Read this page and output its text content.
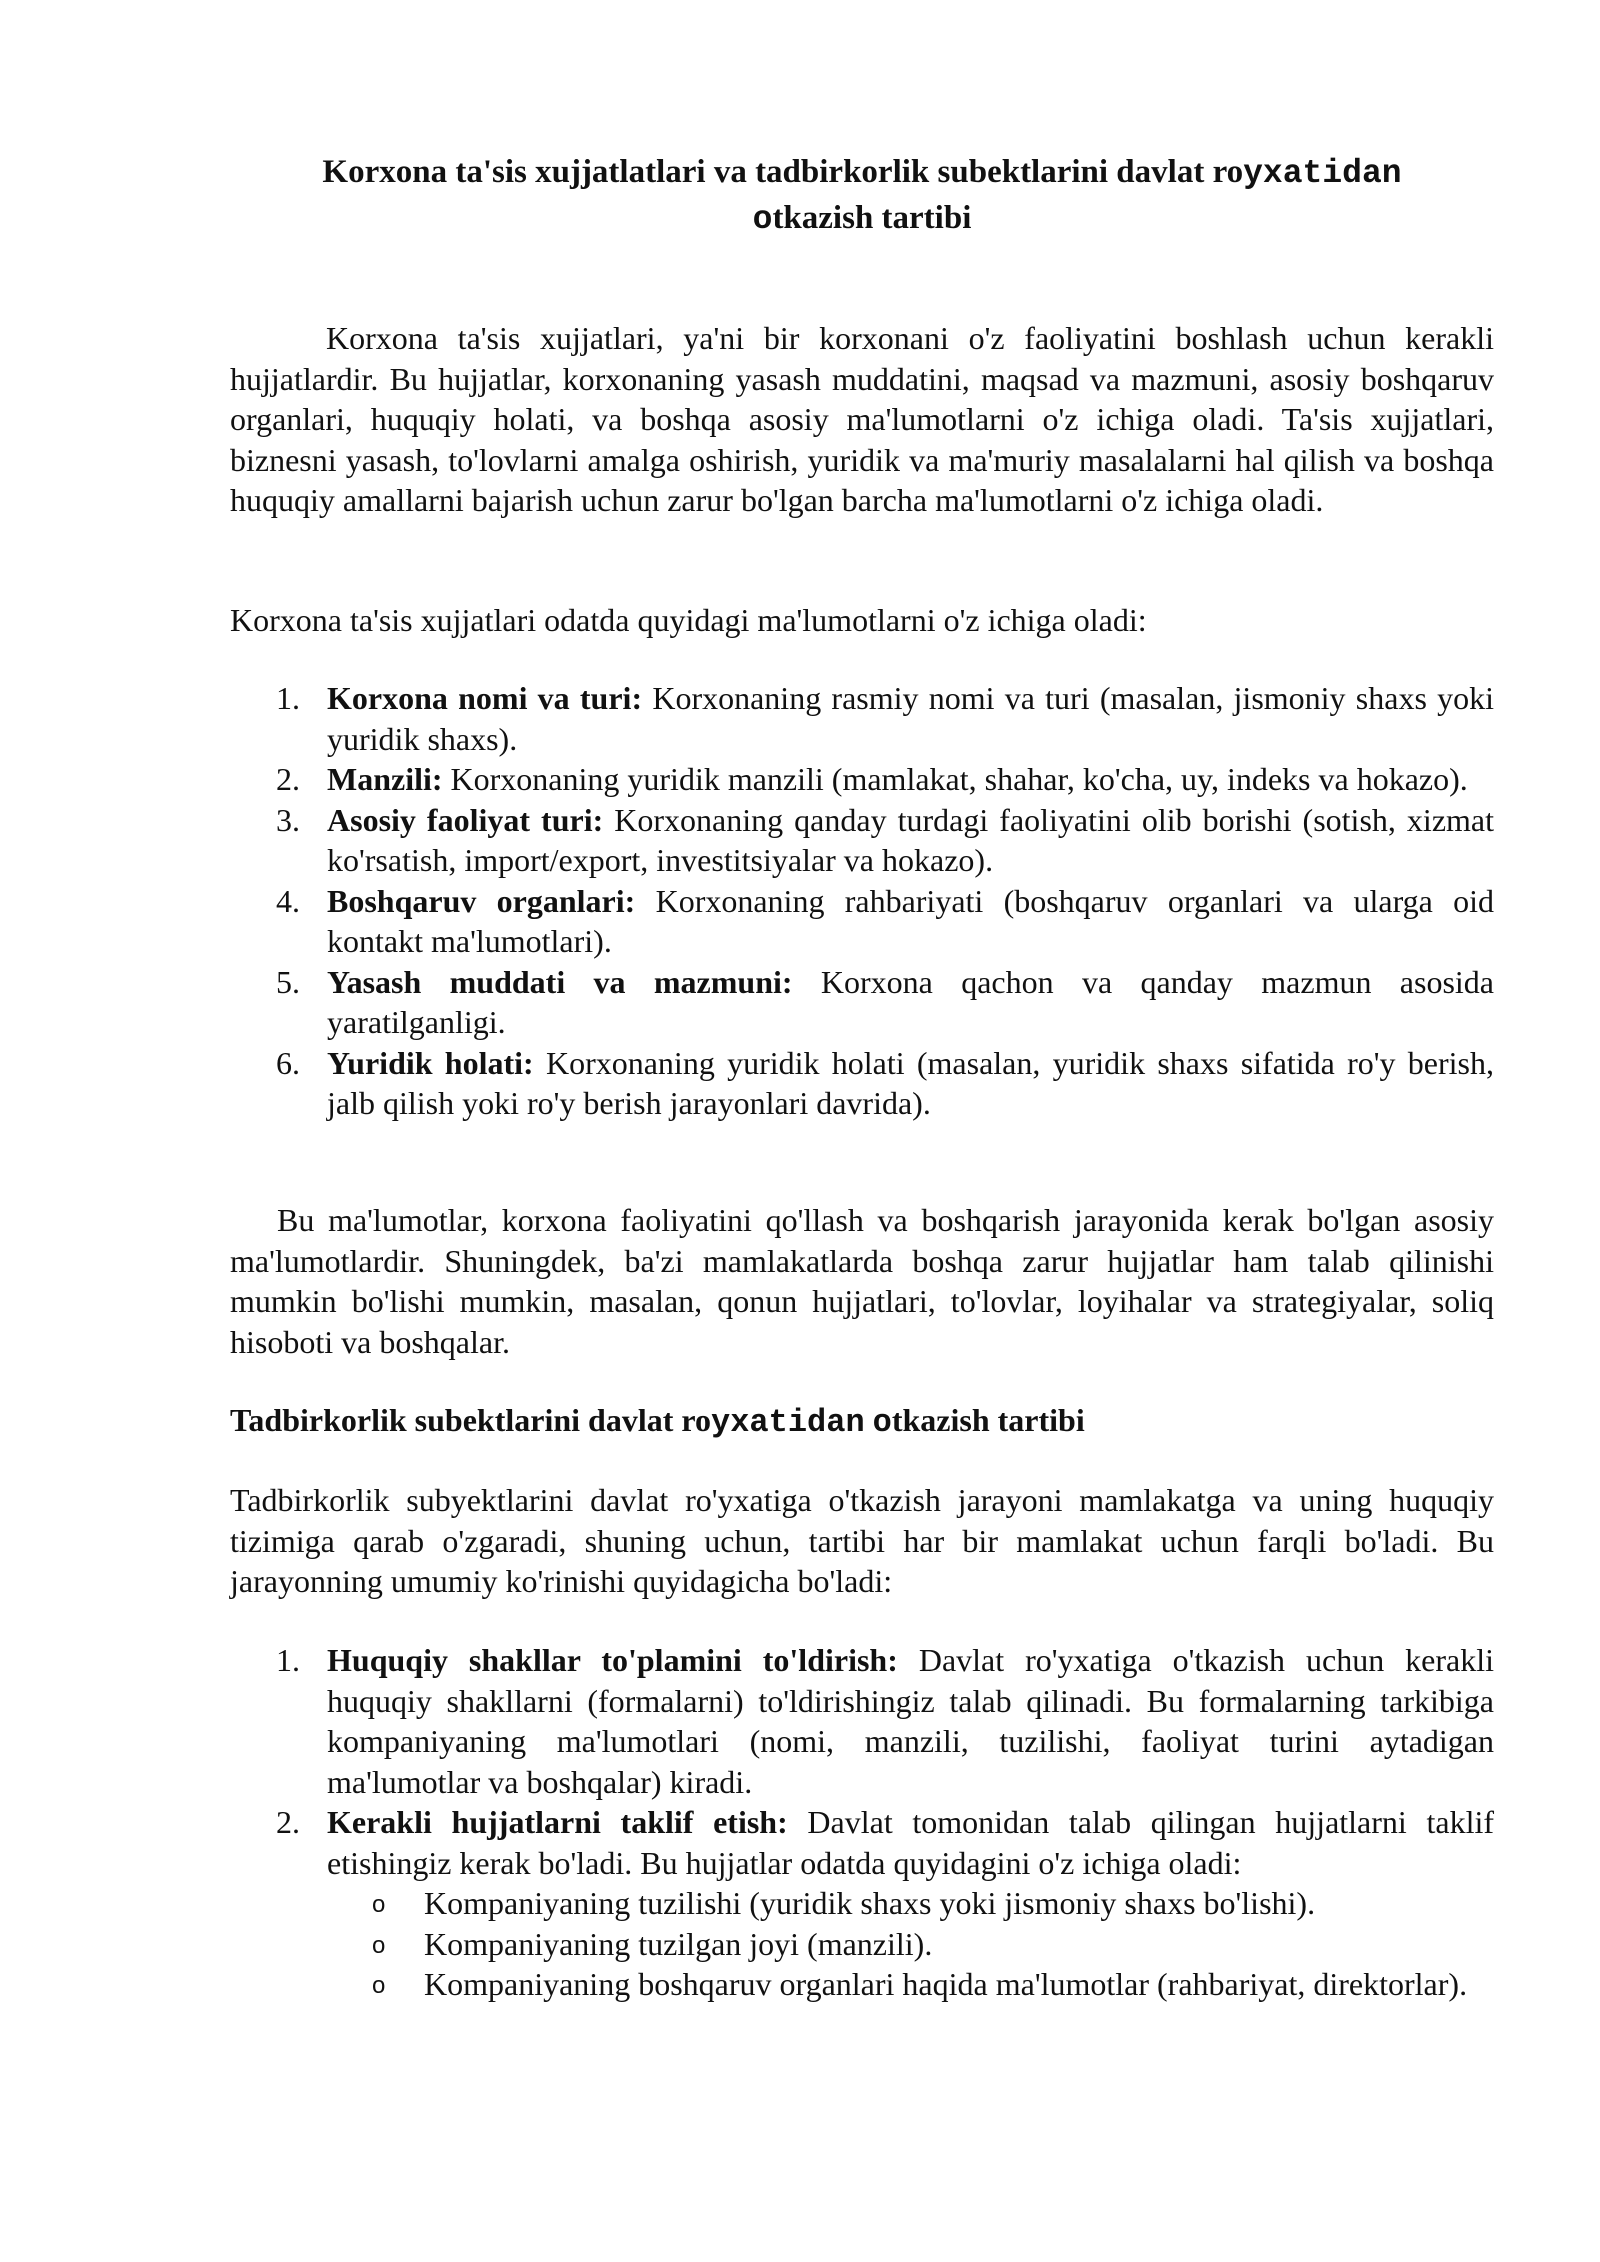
Korxona ta'sis xujjatlatlari va tadbirkorlik subektlarini davlat royxatidan
otkazish tartibi

Korxona ta'sis xujjatlari, ya'ni bir korxonani o'z faoliyatini boshlash uchun kerakli hujjatlardir. Bu hujjatlar, korxonaning yasash muddatini, maqsad va mazmuni, asosiy boshqaruv organlari, huquqiy holati, va boshqa asosiy ma'lumotlarni o'z ichiga oladi. Ta'sis xujjatlari, biznesni yasash, to'lovlarni amalga oshirish, yuridik va ma'muriy masalalarni hal qilish va boshqa huquqiy amallarni bajarish uchun zarur bo'lgan barcha ma'lumotlarni o'z ichiga oladi.

Korxona ta'sis xujjatlari odatda quyidagi ma'lumotlarni o'z ichiga oladi:

1. Korxona nomi va turi: Korxonaning rasmiy nomi va turi (masalan, jismoniy shaxs yoki yuridik shaxs).
2. Manzili: Korxonaning yuridik manzili (mamlakat, shahar, ko'cha, uy, indeks va hokazo).
3. Asosiy faoliyat turi: Korxonaning qanday turdagi faoliyatini olib borishi (sotish, xizmat ko'rsatish, import/export, investitsiyalar va hokazo).
4. Boshqaruv organlari: Korxonaning rahbariyati (boshqaruv organlari va ularga oid kontakt ma'lumotlari).
5. Yasash muddati va mazmuni: Korxona qachon va qanday mazmun asosida yaratilganligi.
6. Yuridik holati: Korxonaning yuridik holati (masalan, yuridik shaxs sifatida ro'y berish, jalb qilish yoki ro'y berish jarayonlari davrida).

Bu ma'lumotlar, korxona faoliyatini qo'llash va boshqarish jarayonida kerak bo'lgan asosiy ma'lumotlardir. Shuningdek, ba'zi mamlakatlarda boshqa zarur hujjatlar ham talab qilinishi mumkin bo'lishi mumkin, masalan, qonun hujjatlari, to'lovlar, loyihalar va strategiyalar, soliq hisoboti va boshqalar.

Tadbirkorlik subektlarini davlat royxatidan otkazish tartibi

Tadbirkorlik subyektlarini davlat ro'yxatiga o'tkazish jarayoni mamlakatga va uning huquqiy tizimiga qarab o'zgaradi, shuning uchun, tartibi har bir mamlakat uchun farqli bo'ladi. Bu jarayonning umumiy ko'rinishi quyidagicha bo'ladi:

1. Huquqiy shakllar to'plamini to'ldirish: Davlat ro'yxatiga o'tkazish uchun kerakli huquqiy shakllarni (formalarni) to'ldirishingiz talab qilinadi. Bu formalarning tarkibiga kompaniyaning ma'lumotlari (nomi, manzili, tuzilishi, faoliyat turini aytadigan ma'lumotlar va boshqalar) kiradi.
2. Kerakli hujjatlarni taklif etish: Davlat tomonidan talab qilingan hujjatlarni taklif etishingiz kerak bo'ladi. Bu hujjatlar odatda quyidagini o'z ichiga oladi:
o Kompaniyaning tuzilishi (yuridik shaxs yoki jismoniy shaxs bo'lishi).
o Kompaniyaning tuzilgan joyi (manzili).
o Kompaniyaning boshqaruv organlari haqida ma'lumotlar (rahbariyat, direktorlar).
